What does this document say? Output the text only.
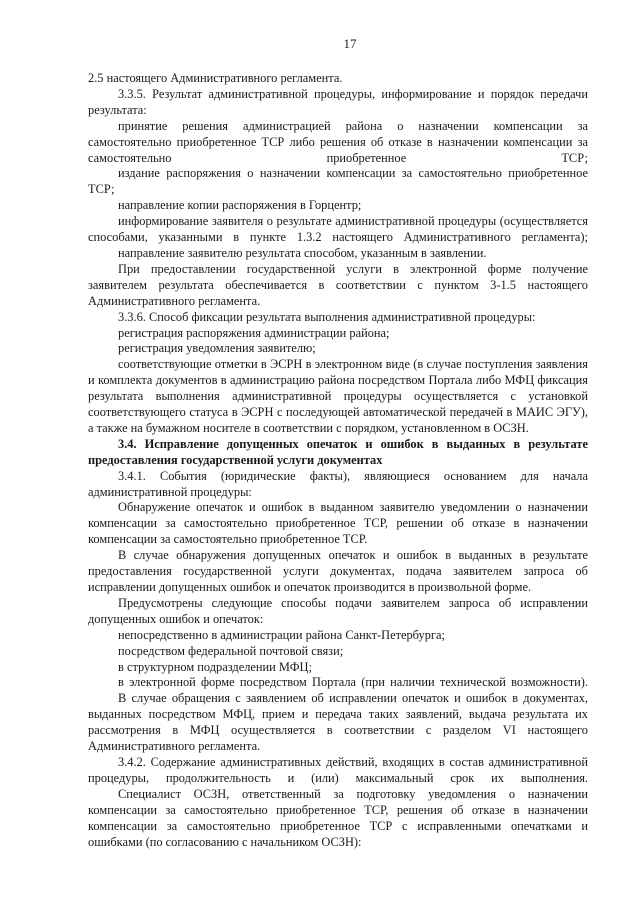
17

2.5 настоящего Административного регламента.

3.3.5. Результат административной процедуры, информирование и порядок передачи результата:

принятие решения администрацией района о назначении компенсации за самостоятельно приобретенное ТСР либо решения об отказе в назначении компенсации за самостоятельно приобретенное ТСР;

издание распоряжения о назначении компенсации за самостоятельно приобретенное ТСР;

направление копии распоряжения в Горцентр;

информирование заявителя о результате административной процедуры (осуществляется способами, указанными в пункте 1.3.2 настоящего Административного регламента);

направление заявителю результата способом, указанным в заявлении.

При предоставлении государственной услуги в электронной форме получение заявителем результата обеспечивается в соответствии с пунктом 3-1.5 настоящего Административного регламента.

3.3.6. Способ фиксации результата выполнения административной процедуры:

регистрация распоряжения администрации района;

регистрация уведомления заявителю;

соответствующие отметки в ЭСРН в электронном виде (в случае поступления заявления и комплекта документов в администрацию района посредством Портала либо МФЦ фиксация результата выполнения административной процедуры осуществляется с установкой соответствующего статуса в ЭСРН с последующей автоматической передачей в МАИС ЭГУ), а также на бумажном носителе в соответствии с порядком, установленном в ОСЗН.

3.4. Исправление допущенных опечаток и ошибок в выданных в результате предоставления государственной услуги документах

3.4.1. События (юридические факты), являющиеся основанием для начала административной процедуры:

Обнаружение опечаток и ошибок в выданном заявителю уведомлении о назначении компенсации за самостоятельно приобретенное ТСР, решении об отказе в назначении компенсации за самостоятельно приобретенное ТСР.

В случае обнаружения допущенных опечаток и ошибок в выданных в результате предоставления государственной услуги документах, подача заявителем запроса об исправлении допущенных ошибок и опечаток производится в произвольной форме.

Предусмотрены следующие способы подачи заявителем запроса об исправлении допущенных ошибок и опечаток:

непосредственно в администрации района Санкт-Петербурга;

посредством федеральной почтовой связи;

в структурном подразделении МФЦ;

в электронной форме посредством Портала (при наличии технической возможности).

В случае обращения с заявлением об исправлении опечаток и ошибок в документах, выданных посредством МФЦ, прием и передача таких заявлений, выдача результата их рассмотрения в МФЦ осуществляется в соответствии с разделом VI настоящего Административного регламента.

3.4.2. Содержание административных действий, входящих в состав административной процедуры, продолжительность и (или) максимальный срок их выполнения.

Специалист ОСЗН, ответственный за подготовку уведомления о назначении компенсации за самостоятельно приобретенное ТСР, решения об отказе в назначении компенсации за самостоятельно приобретенное ТСР с исправленными опечатками и ошибками (по согласованию с начальником ОСЗН):
